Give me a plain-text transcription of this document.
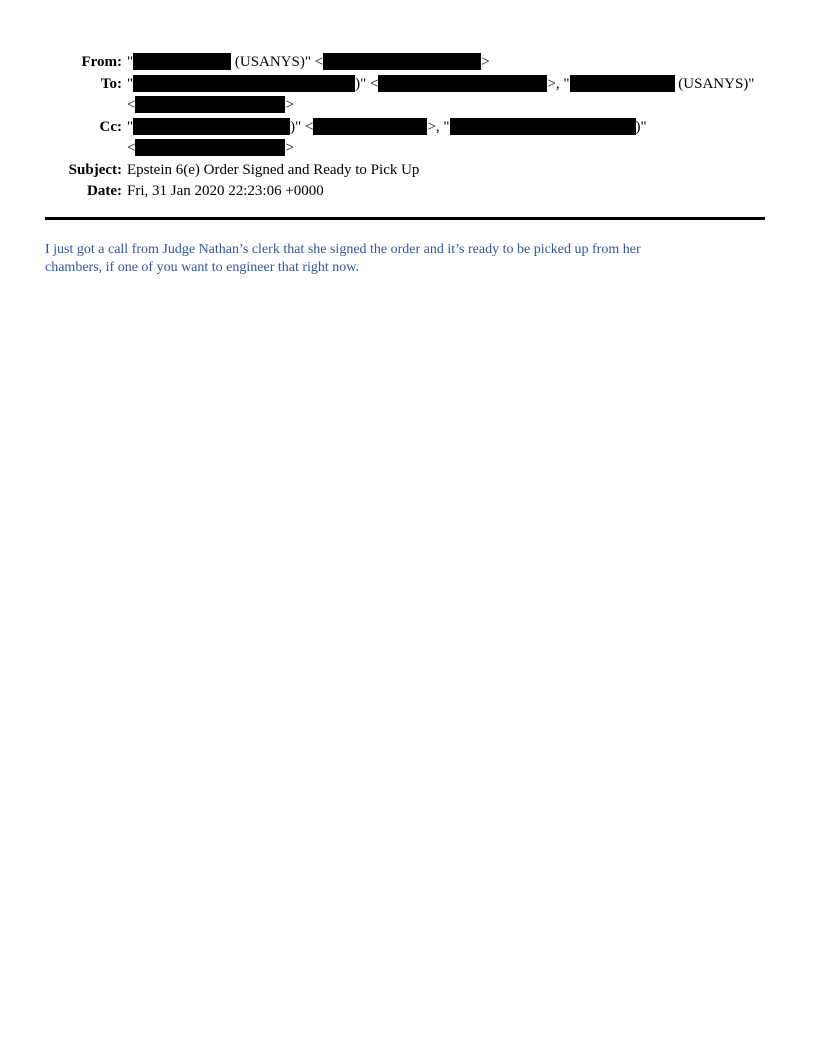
From: "	(USANYS)" <	>
To: "	)" <	>, "	(USANYS)"
<	>
Cc: "	)" <	>, "	)"
<	>
Subject: Epstein 6(e) Order Signed and Ready to Pick Up
Date: Fri, 31 Jan 2020 22:23:06 +0000
I just got a call from Judge Nathan’s clerk that she signed the order and it’s ready to be picked up from her
chambers, if one of you want to engineer that right now.
